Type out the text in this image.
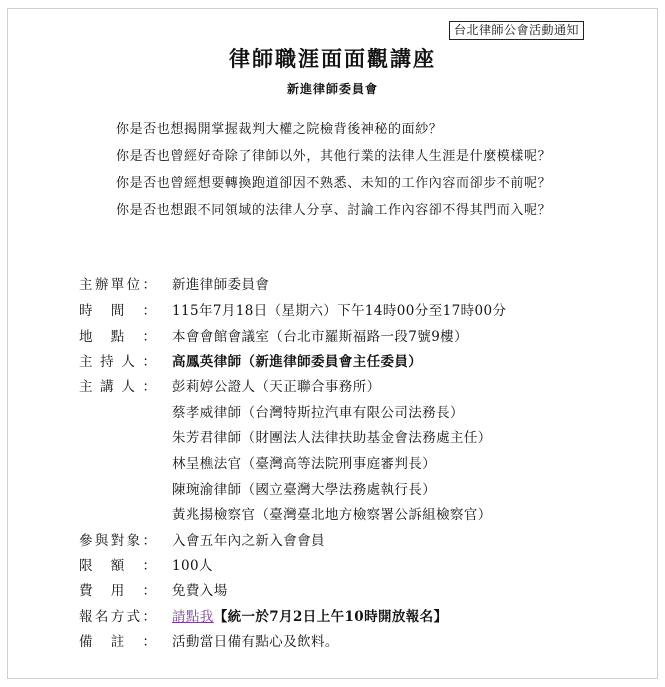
台北律師公會活動通知
律師職涯面面觀講座
新進律師委員會
你是否也想揭開掌握裁判大權之院檢背後神秘的面紗？
你是否也曾經好奇除了律師以外，其他行業的法律人生涯是什麼模樣呢？
你是否也曾經想要轉換跑道卻因不熟悉、未知的工作內容而卻步不前呢？
你是否也想跟不同領域的法律人分享、討論工作內容卻不得其門而入呢？
主辦單位： 新進律師委員會
時間： 115年7月18日（星期六）下午14時00分至17時00分
地點： 本會會館會議室（台北市羅斯福路一段7號9樓）
主持人： 高鳳英律師（新進律師委員會主任委員）
主講人： 彭莉婷公證人（天正聯合事務所）
蔡孝威律師（台灣特斯拉汽車有限公司法務長）
朱芳君律師（財團法人法律扶助基金會法務處主任）
林呈樵法官（臺灣高等法院刑事庭審判長）
陳琬渝律師（國立臺灣大學法務處執行長）
黃兆揚檢察官（臺灣臺北地方檢察署公訴組檢察官）
參與對象： 入會五年內之新入會會員
限額： 100人
費用： 免費入場
報名方式： 請點我【統一於7月2日上午10時開放報名】
備註： 活動當日備有點心及飲料。
